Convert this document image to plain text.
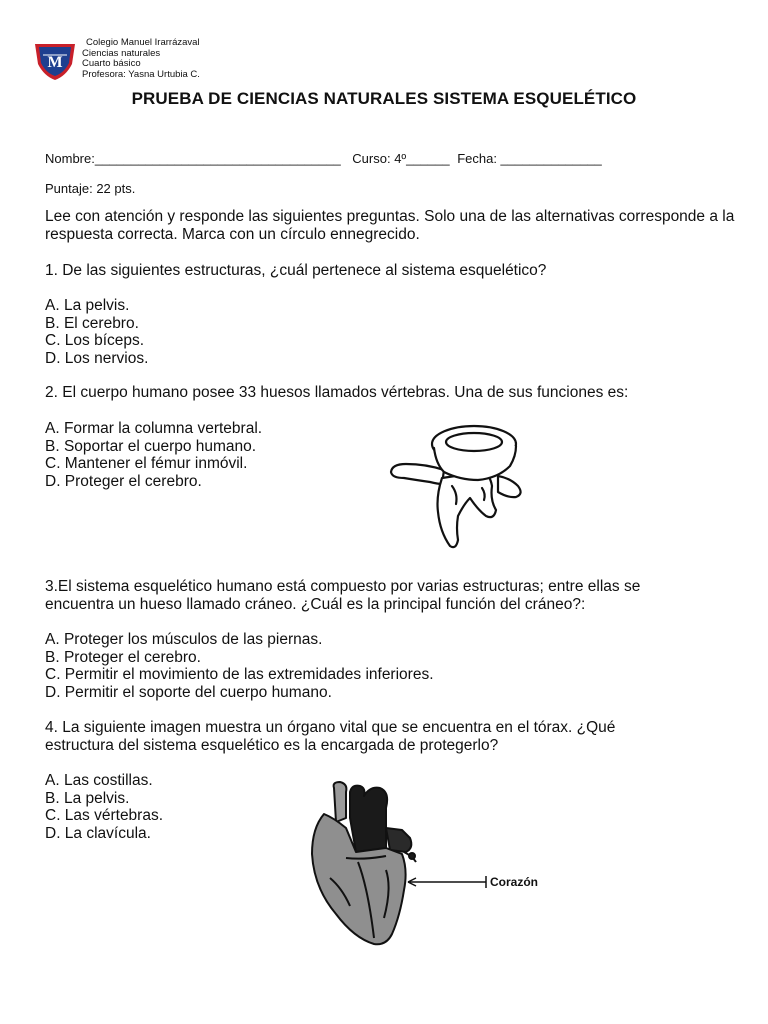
M
Colegio Manuel Irarrázaval
Ciencias naturales
Cuarto básico
Profesora: Yasna Urtubia C.
PRUEBA DE CIENCIAS NATURALES SISTEMA ESQUELÉTICO
Nombre:__________________________________ Curso: 4º______ Fecha: ______________
Puntaje: 22 pts.
Lee con atención y responde las siguientes preguntas. Solo una de las alternativas corresponde a la respuesta correcta. Marca con un círculo ennegrecido.
1. De las siguientes estructuras, ¿cuál pertenece al sistema esquelético?
A. La pelvis.
B. El cerebro.
C. Los bíceps.
D. Los nervios.
2. El cuerpo humano posee 33 huesos llamados vértebras. Una de sus funciones es:
A. Formar la columna vertebral.
B. Soportar el cuerpo humano.
C. Mantener el fémur inmóvil.
D. Proteger el cerebro.
3.El sistema esquelético humano está compuesto por varias estructuras; entre ellas se
encuentra un hueso llamado cráneo. ¿Cuál es la principal función del cráneo?:
A. Proteger los músculos de las piernas.
B. Proteger el cerebro.
C. Permitir el movimiento de las extremidades inferiores.
D. Permitir el soporte del cuerpo humano.
4. La siguiente imagen muestra un órgano vital que se encuentra en el tórax. ¿Qué
estructura del sistema esquelético es la encargada de protegerlo?
A. Las costillas.
B. La pelvis.
C. Las vértebras.
D. La clavícula.
Corazón
